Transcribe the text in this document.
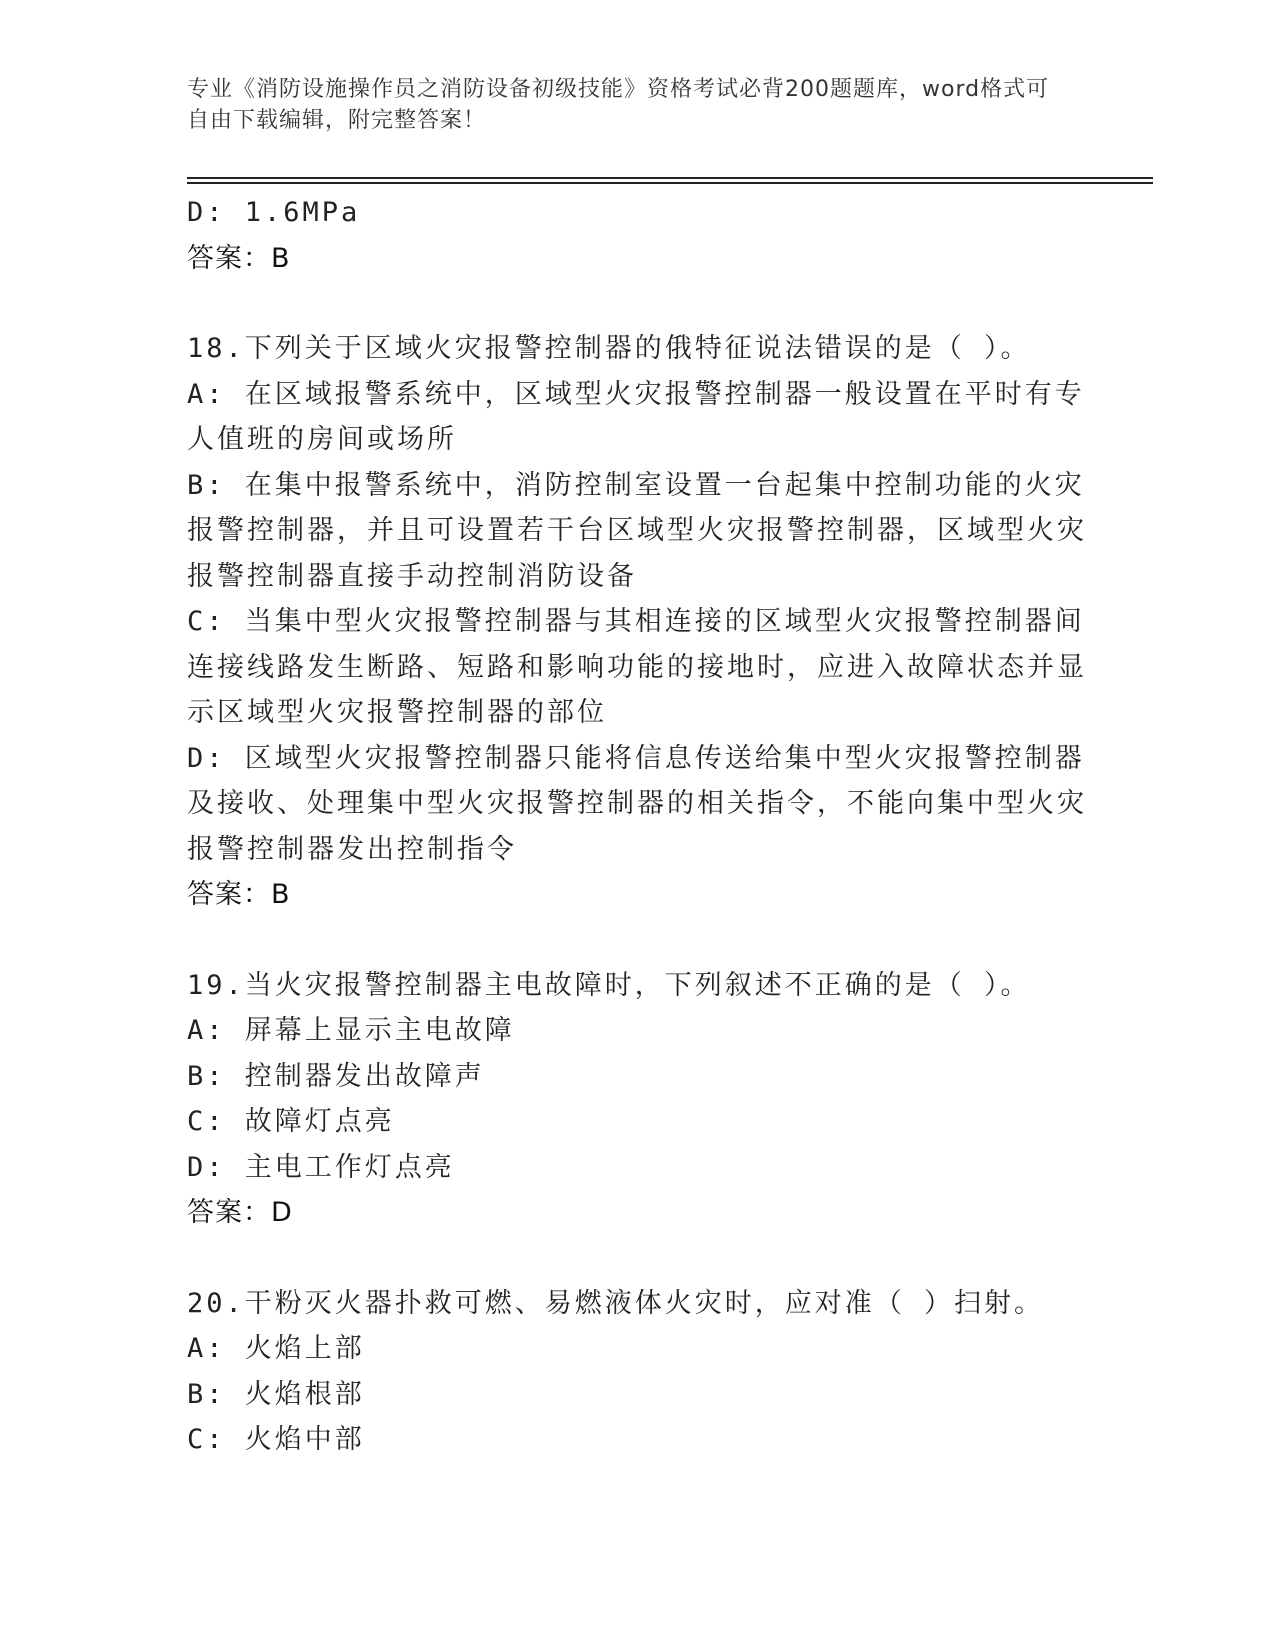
专业《消防设施操作员之消防设备初级技能》资格考试必背200题题库，word格式可自由下载编辑，附完整答案！
D: 1.6MPa
答案：B
18.下列关于区域火灾报警控制器的俄特征说法错误的是（ ）。
A: 在区域报警系统中，区域型火灾报警控制器一般设置在平时有专人值班的房间或场所
B: 在集中报警系统中，消防控制室设置一台起集中控制功能的火灾报警控制器，并且可设置若干台区域型火灾报警控制器，区域型火灾报警控制器直接手动控制消防设备
C: 当集中型火灾报警控制器与其相连接的区域型火灾报警控制器间连接线路发生断路、短路和影响功能的接地时，应进入故障状态并显示区域型火灾报警控制器的部位
D: 区域型火灾报警控制器只能将信息传送给集中型火灾报警控制器及接收、处理集中型火灾报警控制器的相关指令，不能向集中型火灾报警控制器发出控制指令
答案：B
19.当火灾报警控制器主电故障时，下列叙述不正确的是（ ）。
A: 屏幕上显示主电故障
B: 控制器发出故障声
C: 故障灯点亮
D: 主电工作灯点亮
答案：D
20.干粉灭火器扑救可燃、易燃液体火灾时，应对准（ ）扫射。
A: 火焰上部
B: 火焰根部
C: 火焰中部
